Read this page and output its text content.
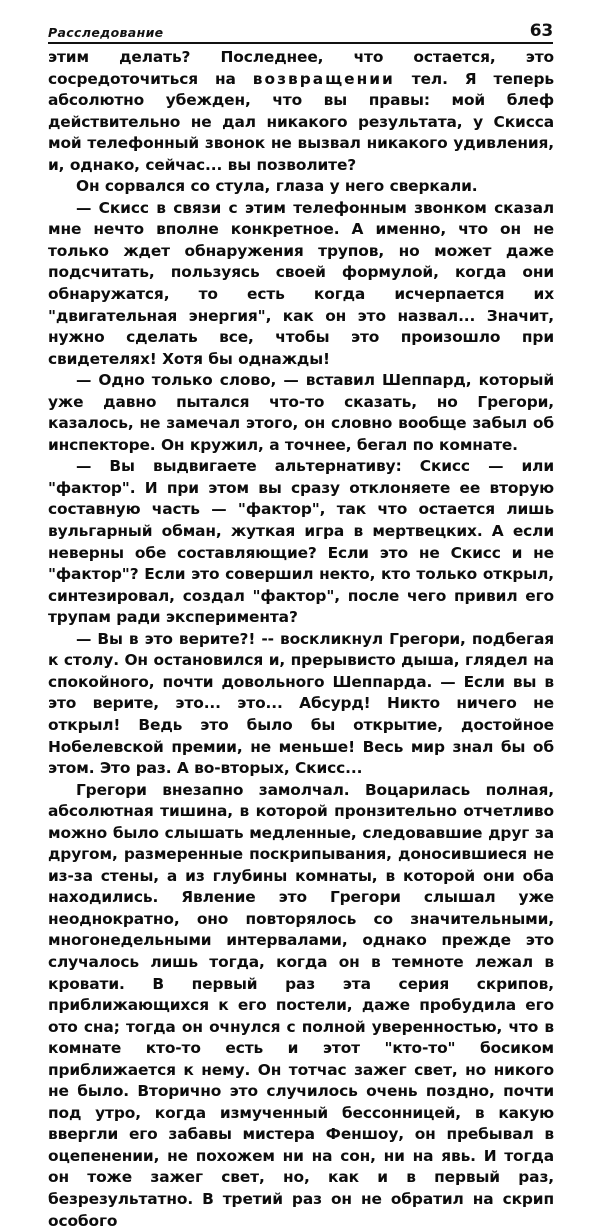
Расследование	63

этим делать? Последнее, что остается, это сосредоточиться на возвращении тел. Я теперь абсолютно убежден, что вы правы: мой блеф действительно не дал никакого результата, у Скисса мой телефонный звонок не вызвал никакого удивления, и, однако, сейчас... вы позволите?

Он сорвался со стула, глаза у него сверкали.

— Скисс в связи с этим телефонным звонком сказал мне нечто вполне конкретное. А именно, что он не только ждет обнаружения трупов, но может даже подсчитать, пользуясь своей формулой, когда они обнаружатся, то есть когда исчерпается их "двигательная энергия", как он это назвал... Значит, нужно сделать все, чтобы это произошло при свидетелях! Хотя бы однажды!

— Одно только слово, — вставил Шеппард, который уже давно пытался что-то сказать, но Грегори, казалось, не замечал этого, он словно вообще забыл об инспекторе. Он кружил, а точнее, бегал по комнате.

— Вы выдвигаете альтернативу: Скисс — или "фактор". И при этом вы сразу отклоняете ее вторую составную часть — "фактор", так что остается лишь вульгарный обман, жуткая игра в мертвецких. А если неверны обе составляющие? Если это не Скисс и не "фактор"? Если это совершил некто, кто только открыл, синтезировал, создал "фактор", после чего привил его трупам ради эксперимента?

— Вы в это верите?! -- воскликнул Грегори, подбегая к столу. Он остановился и, прерывисто дыша, глядел на спокойного, почти довольного Шеппарда. — Если вы в это верите, это... это... Абсурд! Никто ничего не открыл! Ведь это было бы открытие, достойное Нобелевской премии, не меньше! Весь мир знал бы об этом. Это раз. А во-вторых, Скисс...

Грегори внезапно замолчал. Воцарилась полная, абсолютная тишина, в которой пронзительно отчетливо можно было слышать медленные, следовавшие друг за другом, размеренные поскрипывания, доносившиеся не из-за стены, а из глубины комнаты, в которой они оба находились. Явление это Грегори слышал уже неоднократно, оно повторялось со значительными, многонедельными интервалами, однако прежде это случалось лишь тогда, когда он в темноте лежал в кровати. В первый раз эта серия скрипов, приближающихся к его постели, даже пробудила его ото сна; тогда он очнулся с полной уверенностью, что в комнате кто-то есть и этот "кто-то" босиком приближается к нему. Он тотчас зажег свет, но никого не было. Вторично это случилось очень поздно, почти под утро, когда измученный бессонницей, в какую ввергли его забавы мистера Феншоу, он пребывал в оцепенении, не похожем ни на сон, ни на явь. И тогда он тоже зажег свет, но, как и в первый раз, безрезультатно. В третий раз он не обратил на скрип особого
